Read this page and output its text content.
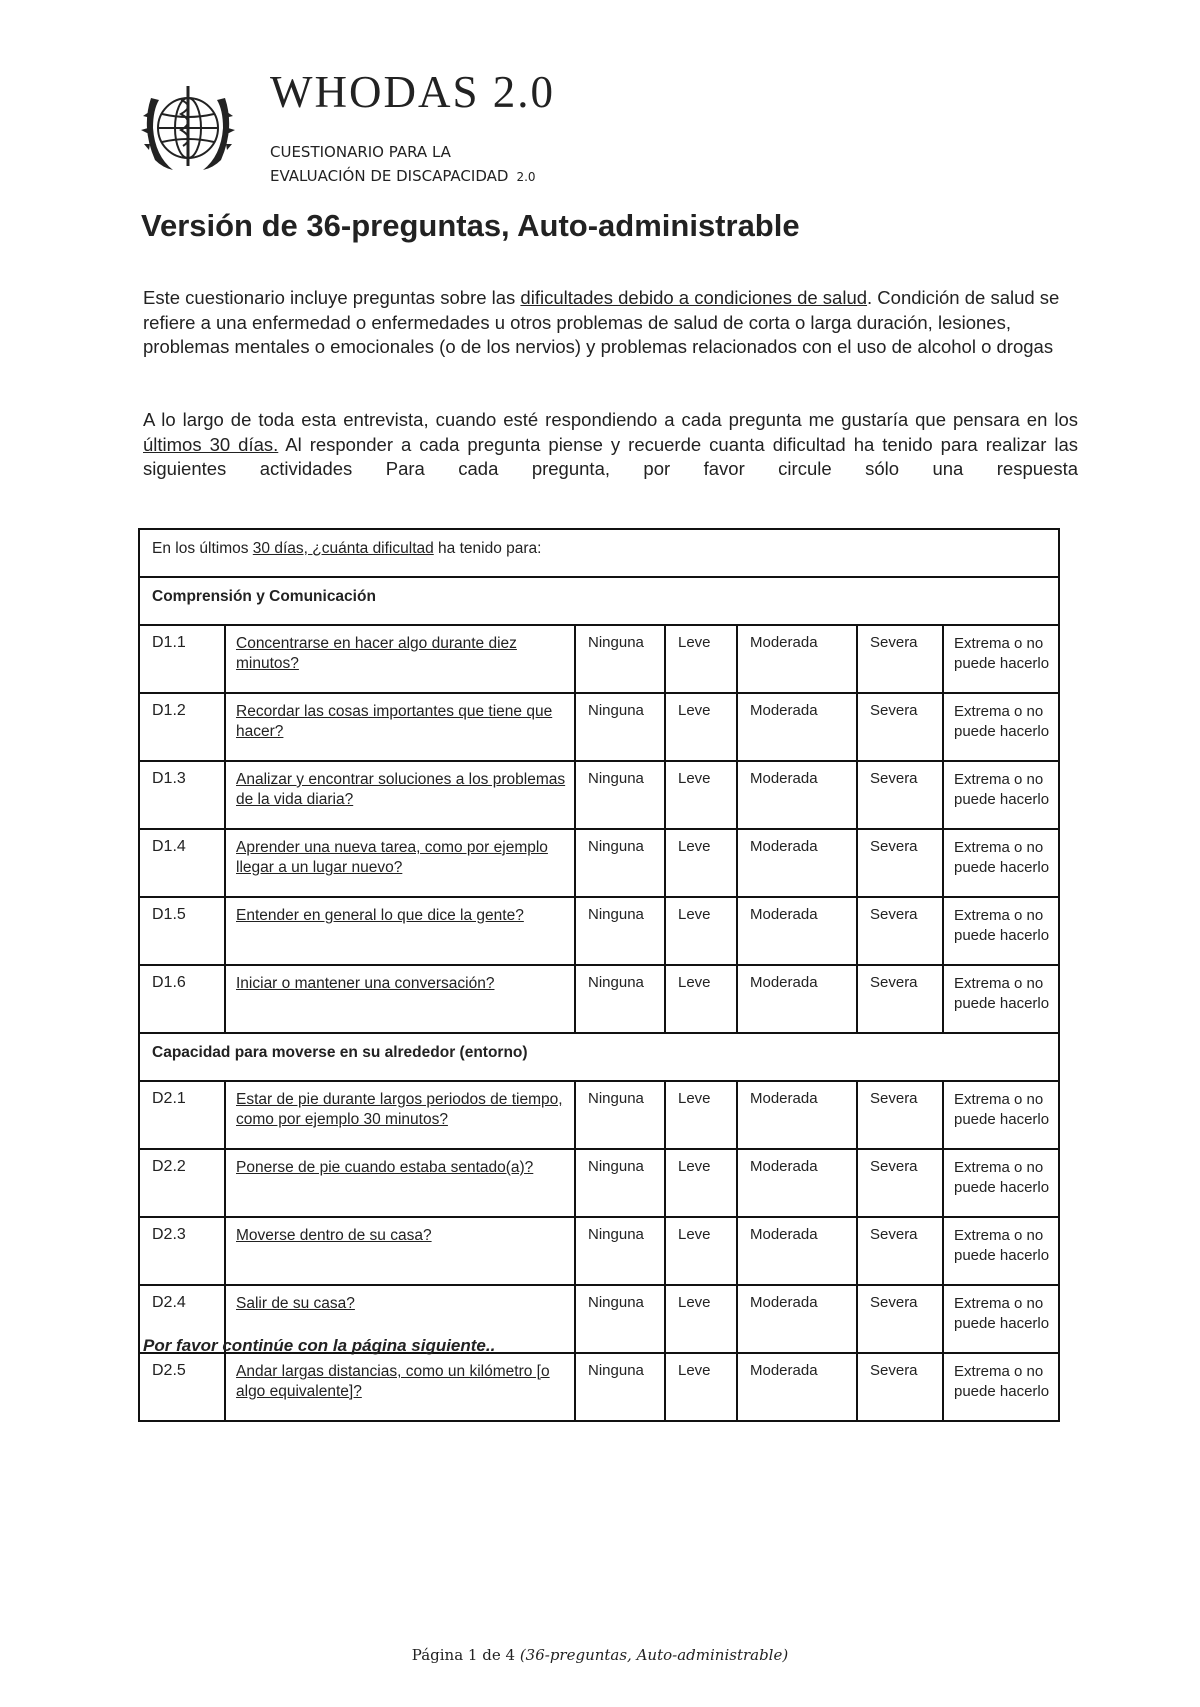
WHODAS 2.0
CUESTIONARIO PARA LA
EVALUACIÓN DE DISCAPACIDAD 2.0
Versión de 36-preguntas, Auto-administrable

Este cuestionario incluye preguntas sobre las dificultades debido a condiciones de salud. Condición de salud se refiere a una enfermedad o enfermedades u otros problemas de salud de corta o larga duración, lesiones, problemas mentales o emocionales (o de los nervios) y problemas relacionados con el uso de alcohol o drogas

A lo largo de toda esta entrevista, cuando esté respondiendo a cada pregunta me gustaría que pensara en los últimos 30 días. Al responder a cada pregunta piense y recuerde cuanta dificultad ha tenido para realizar las siguientes actividades Para cada pregunta, por favor circule sólo una respuesta

En los últimos 30 días, ¿cuánta dificultad ha tenido para:						
Comprensión y Comunicación						
D1.1	Concentrarse en hacer algo durante diez minutos?	Ninguna	Leve	Moderada	Severa	Extrema o no puede hacerlo

D1.2	Recordar las cosas importantes que tiene que hacer?	Ninguna	Leve	Moderada	Severa	Extrema o no puede hacerlo

D1.3	Analizar y encontrar soluciones a los problemas de la vida diaria?	Ninguna	Leve	Moderada	Severa	Extrema o no puede hacerlo

D1.4	Aprender una nueva tarea, como por ejemplo llegar a un lugar nuevo?	Ninguna	Leve	Moderada	Severa	Extrema o no puede hacerlo

D1.5	Entender en general lo que dice la gente?	Ninguna	Leve	Moderada	Severa	Extrema o no puede hacerlo

D1.6	Iniciar o mantener una conversación?	Ninguna	Leve	Moderada	Severa	Extrema o no puede hacerlo

Capacidad para moverse en su alrededor (entorno)						
D2.1	Estar de pie durante largos periodos de tiempo, como por ejemplo 30 minutos?	Ninguna	Leve	Moderada	Severa	Extrema o no puede hacerlo

D2.2	Ponerse de pie cuando estaba sentado(a)?	Ninguna	Leve	Moderada	Severa	Extrema o no puede hacerlo

D2.3	Moverse dentro de su casa?	Ninguna	Leve	Moderada	Severa	Extrema o no puede hacerlo

D2.4	Salir de su casa?	Ninguna	Leve	Moderada	Severa	Extrema o no puede hacerlo

D2.5	Andar largas distancias, como un kilómetro [o algo equivalente]?	Ninguna	Leve	Moderada	Severa	Extrema o no puede hacerlo

Por favor continúe con la página siguiente..

Página 1 de 4 (36-preguntas, Auto-administrable)
